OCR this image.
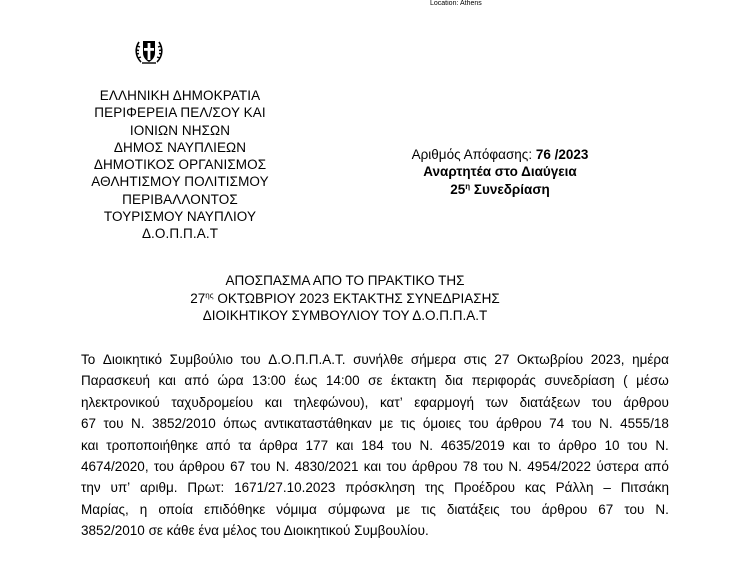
Location: Athens
ΕΛΛΗΝΙΚΗ ΔΗΜΟΚΡΑΤΙΑ
ΠΕΡΙΦΕΡΕΙΑ ΠΕΛ/ΣΟΥ ΚΑΙ
ΙΟΝΙΩΝ ΝΗΣΩΝ
ΔΗΜΟΣ ΝΑΥΠΛΙΕΩΝ
ΔΗΜΟΤΙΚΟΣ ΟΡΓΑΝΙΣΜΟΣ
ΑΘΛΗΤΙΣΜΟΥ ΠΟΛΙΤΙΣΜΟΥ
ΠΕΡΙΒΑΛΛΟΝΤΟΣ
ΤΟΥΡΙΣΜΟΥ ΝΑΥΠΛΙΟΥ
Δ.Ο.Π.Π.Α.Τ
Αριθμός Απόφασης: 76 /2023
Αναρτητέα στο Διαύγεια
$25^\eta$ Συνεδρίαση
ΑΠΟΣΠΑΣΜΑ ΑΠΟ ΤΟ ΠΡΑΚΤΙΚΟ ΤΗΣ
$27^{\eta\varsigma}$ ΟΚΤΩΒΡΙΟΥ 2023 ΕΚΤΑΚΤΗΣ ΣΥΝΕΔΡΙΑΣΗΣ
ΔΙΟΙΚΗΤΙΚΟΥ ΣΥΜΒΟΥΛΙΟΥ ΤΟΥ Δ.Ο.Π.Π.Α.Τ
Το Διοικητικό Συμβούλιο του Δ.Ο.Π.Π.Α.Τ. συνήλθε σήμερα στις 27 Οκτωβρίου 2023, ημέρα
Παρασκευή και από ώρα 13:00 έως 14:00 σε έκτακτη δια περιφοράς συνεδρίαση ( μέσω
ηλεκτρονικού ταχυδρομείου και τηλεφώνου), κατ’ εφαρμογή των διατάξεων του άρθρου
67 του Ν. 3852/2010 όπως αντικαταστάθηκαν με τις όμοιες του άρθρου 74 του Ν. 4555/18
και τροποποιήθηκε από τα άρθρα 177 και 184 του Ν. 4635/2019 και το άρθρο 10 του Ν.
4674/2020, του άρθρου 67 του Ν. 4830/2021 και του άρθρου 78 του Ν. 4954/2022 ύστερα από
την υπ’ αριθμ. Πρωτ: 1671/27.10.2023 πρόσκληση της Προέδρου κας Ράλλη – Πιτσάκη
Μαρίας, η οποία επιδόθηκε νόμιμα σύμφωνα με τις διατάξεις του άρθρου 67 του Ν.
3852/2010 σε κάθε ένα μέλος του Διοικητικού Συμβουλίου.
